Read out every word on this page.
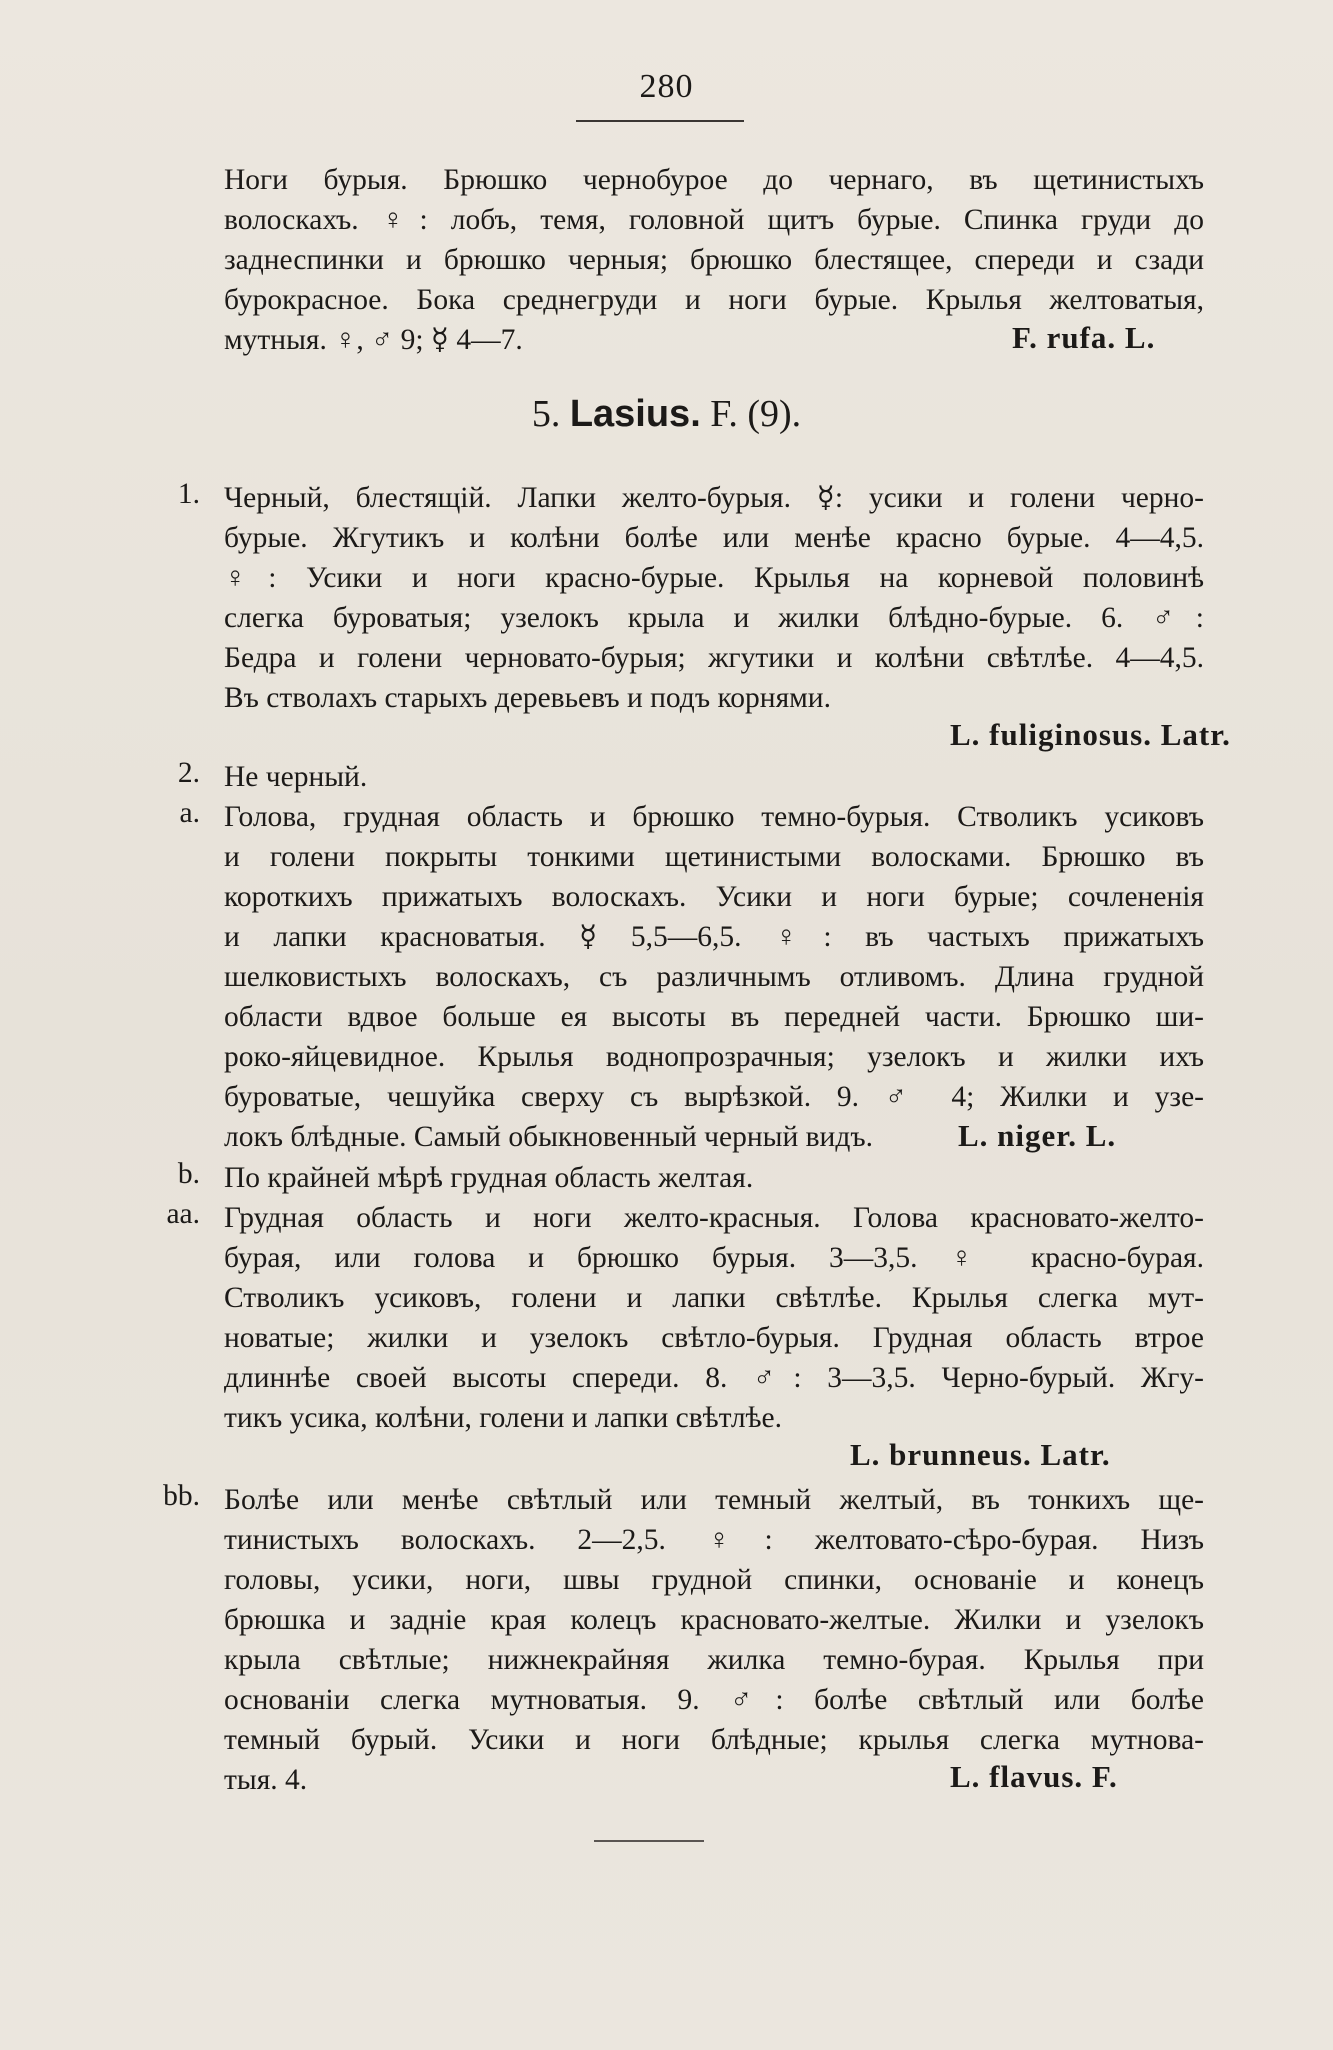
280
Ноги бурыя. Брюшко чернобурое до чернаго, въ щетинистыхъ
волоскахъ. ♀: лобъ, темя, головной щитъ бурые. Спинка груди до
заднеспинки и брюшко черныя; брюшко блестящее, спереди и сзади
бурокрасное. Бока среднегруди и ноги бурые. Крылья желтоватыя,
мутныя. ♀, ♂ 9; ☿ 4—7.	F. rufa. L.
5. Lasius. F. (9).
1. Черный, блестящій. Лапки желто-бурыя. ☿: усики и голени черно-
бурые. Жгутикъ и колѣни болѣе или менѣе красно бурые. 4—4,5.
♀: Усики и ноги красно-бурые. Крылья на корневой половинѣ
слегка буроватыя; узелокъ крыла и жилки блѣдно-бурые. 6. ♂:
Бедра и голени черновато-бурыя; жгутики и колѣни свѣтлѣе. 4—4,5.
Въ стволахъ старыхъ деревьевъ и подъ корнями.
L. fuliginosus. Latr.
2. Не черный.
a. Голова, грудная область и брюшко темно-бурыя. Стволикъ усиковъ
и голени покрыты тонкими щетинистыми волосками. Брюшко въ
короткихъ прижатыхъ волоскахъ. Усики и ноги бурые; сочлененія
и лапки красноватыя. ☿ 5,5—6,5. ♀: въ частыхъ прижатыхъ
шелковистыхъ волоскахъ, съ различнымъ отливомъ. Длина грудной
области вдвое больше ея высоты въ передней части. Брюшко ши-
роко-яйцевидное. Крылья воднопрозрачныя; узелокъ и жилки ихъ
буроватые, чешуйка сверху съ вырѣзкой. 9. ♂ 4; Жилки и узе-
локъ блѣдные. Самый обыкновенный черный видъ.	L. niger. L.
b. По крайней мѣрѣ грудная область желтая.
aa. Грудная область и ноги желто-красныя. Голова красновато-желто-
бурая, или голова и брюшко бурыя. 3—3,5. ♀ красно-бурая.
Стволикъ усиковъ, голени и лапки свѣтлѣе. Крылья слегка мут-
новатые; жилки и узелокъ свѣтло-бурыя. Грудная область втрое
длиннѣе своей высоты спереди. 8. ♂: 3—3,5. Черно-бурый. Жгу-
тикъ усика, колѣни, голени и лапки свѣтлѣе.
L. brunneus. Latr.
bb. Болѣе или менѣе свѣтлый или темный желтый, въ тонкихъ ще-
тинистыхъ волоскахъ. 2—2,5. ♀: желтовато-сѣро-бурая. Низъ
головы, усики, ноги, швы грудной спинки, основаніе и конецъ
брюшка и задніе края колецъ красновато-желтые. Жилки и узелокъ
крыла свѣтлые; нижнекрайняя жилка темно-бурая. Крылья при
основаніи слегка мутноватыя. 9. ♂: болѣе свѣтлый или болѣе
темный бурый. Усики и ноги блѣдные; крылья слегка мутнова-
тыя. 4.	L. flavus. F.
